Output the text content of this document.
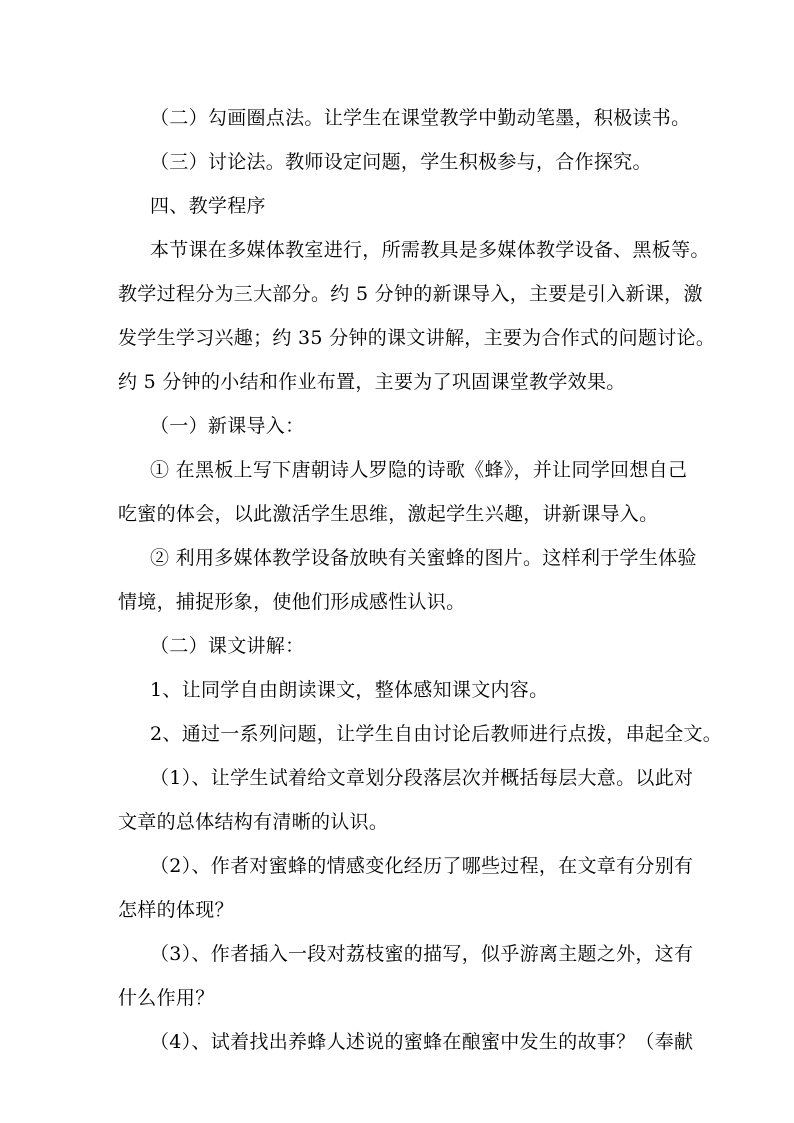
（二）勾画圈点法。让学生在课堂教学中勤动笔墨，积极读书。
（三）讨论法。教师设定问题，学生积极参与，合作探究。
四、教学程序
本节课在多媒体教室进行，所需教具是多媒体教学设备、黑板等。
教学过程分为三大部分。约 5 分钟的新课导入，主要是引入新课，激
发学生学习兴趣；约 35 分钟的课文讲解，主要为合作式的问题讨论。
约 5 分钟的小结和作业布置，主要为了巩固课堂教学效果。
（一）新课导入：
① 在黑板上写下唐朝诗人罗隐的诗歌《蜂》，并让同学回想自己
吃蜜的体会，以此激活学生思维，激起学生兴趣，讲新课导入。
② 利用多媒体教学设备放映有关蜜蜂的图片。这样利于学生体验
情境，捕捉形象，使他们形成感性认识。
（二）课文讲解：
1、让同学自由朗读课文，整体感知课文内容。
2、通过一系列问题，让学生自由讨论后教师进行点拨，串起全文。
（1）、让学生试着给文章划分段落层次并概括每层大意。以此对
文章的总体结构有清晰的认识。
（2）、作者对蜜蜂的情感变化经历了哪些过程，在文章有分别有
怎样的体现？
（3）、作者插入一段对荔枝蜜的描写，似乎游离主题之外，这有
什么作用？
（4）、试着找出养蜂人述说的蜜蜂在酿蜜中发生的故事？（奉献
